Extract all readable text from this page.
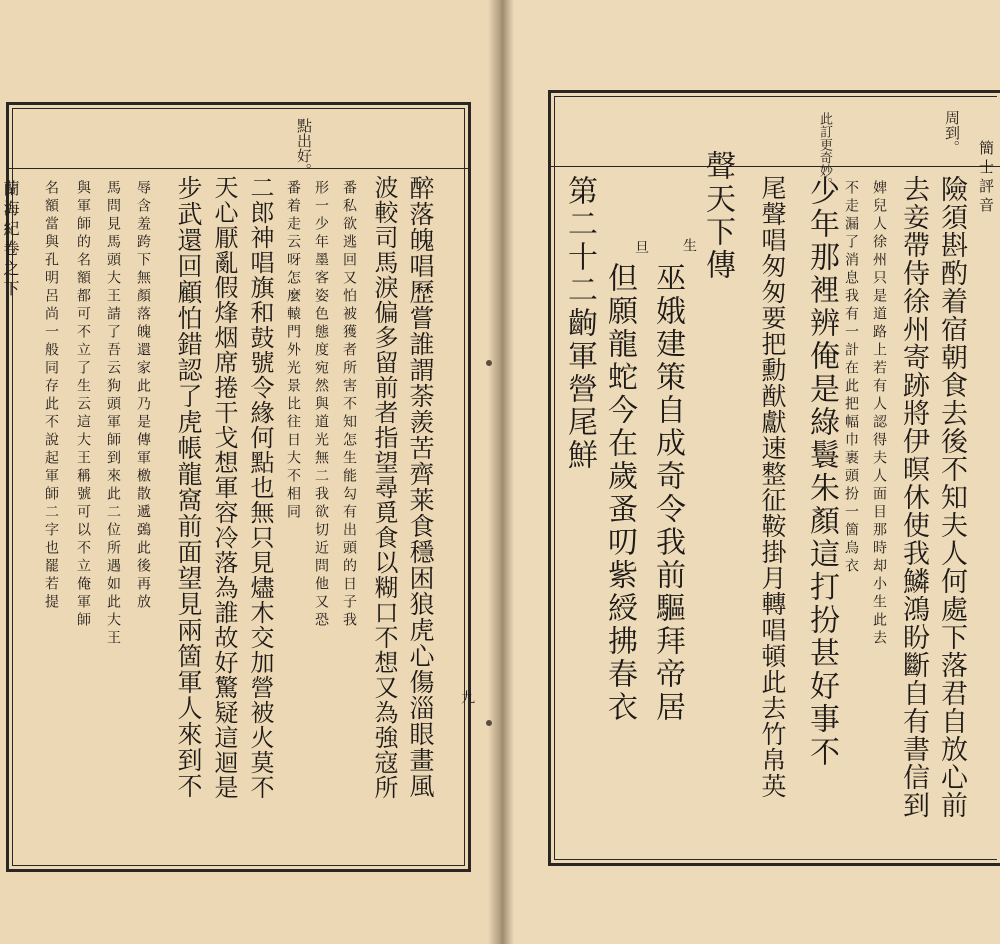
點出好。
蘭海紀卷之下
九
醉落魄唱歷嘗誰謂荼羨苦齊莱食穩困狼虎心傷淄眼畫風
波較司馬淚偏多留前者指望尋覓食以糊口不想又為強寇所
番私欲逃回又怕被獲者所害不知怎生能勾有出頭的日子我
形一少年墨客姿色態度宛然與道光無二我欲切近問他又恐
番着走云呀怎麼轅門外光景比往日大不相同
二郎神唱旗和鼓號令緣何點也無只見燼木交加營被火莫不
天心厭亂假烽烟席捲干戈想軍容冷落為誰故好驚疑這迴是
步武還回顧怕錯認了虎帳龍窩前面望見兩箇軍人來到不
辱含羞跨下無顏落魄還家此乃是傳軍檄散遞鵶此後再放
馬問見馬頭大王請了吾云狗頭軍師到來此二位所遇如此大王
與軍師的名額都可不立了生云這大王稱號可以不立俺軍師
名額當與孔明呂尚一般同存此不說起軍師二字也罷若提
周到。
此訂更奇妙。	簡士評音
險須斟酌着宿朝食去後不知夫人何處下落君自放心前
去妾帶侍徐州寄跡將伊暝休使我鱗鴻盼斷自有書信到
婢兒人徐州只是道路上若有人認得夫人面目那時却小生此去
不走漏了消息我有一計在此把幅巾裹頭扮一箇烏衣
少年那裡辨俺是綠鬟朱顏這打扮甚好事不
尾聲唱匆匆要把勳猷獻速整征鞍掛月轉唱頓此去竹帛英
聲天下傳
生
巫娥建策自成奇令我前驅拜帝居
旦
但願龍蛇今在歲蚤叨紫綬拂春衣
第二十二齣軍營尾鮮
